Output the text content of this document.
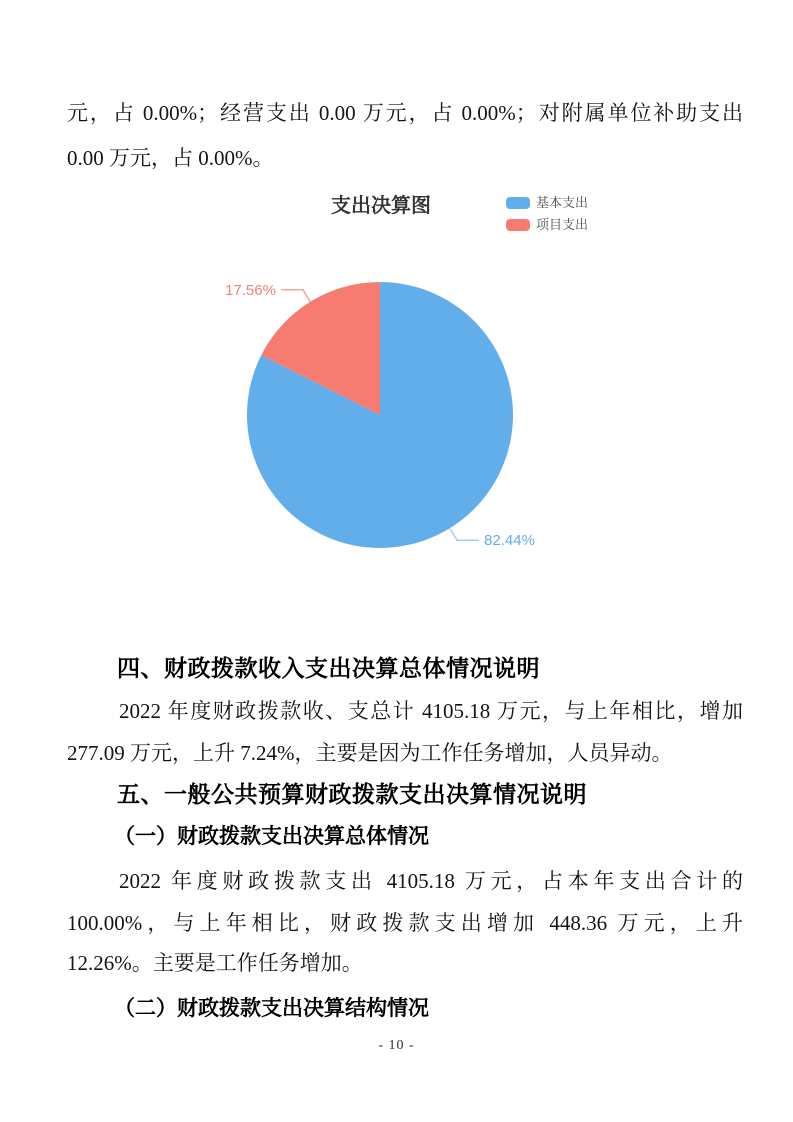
元，占 0.00%；经营支出 0.00 万元，占 0.00%；对附属单位补助支出
0.00 万元，占 0.00%。
支出决算图	基本支出
项目支出
82.44%
17.56%
四、财政拨款收入支出决算总体情况说明
2022 年度财政拨款收、支总计 4105.18 万元，与上年相比，增加
277.09 万元，上升 7.24%，主要是因为工作任务增加，人员异动。
五、一般公共预算财政拨款支出决算情况说明
（一）财政拨款支出决算总体情况
2022 年度财政拨款支出 4105.18 万元，占本年支出合计的
100.00%，与上年相比，财政拨款支出增加 448.36 万元，上升
12.26%。主要是工作任务增加。
（二）财政拨款支出决算结构情况
- 10 -
